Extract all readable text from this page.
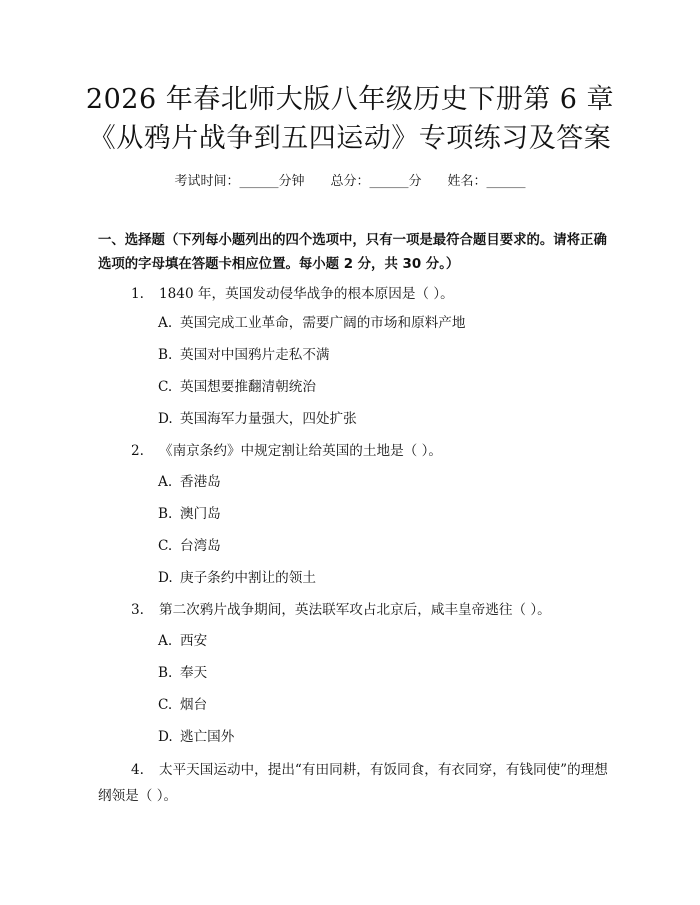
2026 年春北师大版八年级历史下册第 6 章
《从鸦片战争到五四运动》专项练习及答案
考试时间：______分钟 总分：______分 姓名：______
一、选择题（下列每小题列出的四个选项中，只有一项是最符合题目要求的。请将正确选项的字母填在答题卡相应位置。每小题 2 分，共 30 分。）
1. 1840 年，英国发动侵华战争的根本原因是（ ）。
A. 英国完成工业革命，需要广阔的市场和原料产地
B. 英国对中国鸦片走私不满
C. 英国想要推翻清朝统治
D. 英国海军力量强大，四处扩张
2. 《南京条约》中规定割让给英国的土地是（ ）。
A. 香港岛
B. 澳门岛
C. 台湾岛
D. 庚子条约中割让的领土
3. 第二次鸦片战争期间，英法联军攻占北京后，咸丰皇帝逃往（ ）。
A. 西安
B. 奉天
C. 烟台
D. 逃亡国外
4. 太平天国运动中，提出“有田同耕，有饭同食，有衣同穿，有钱同使”的理想纲领是（ ）。
